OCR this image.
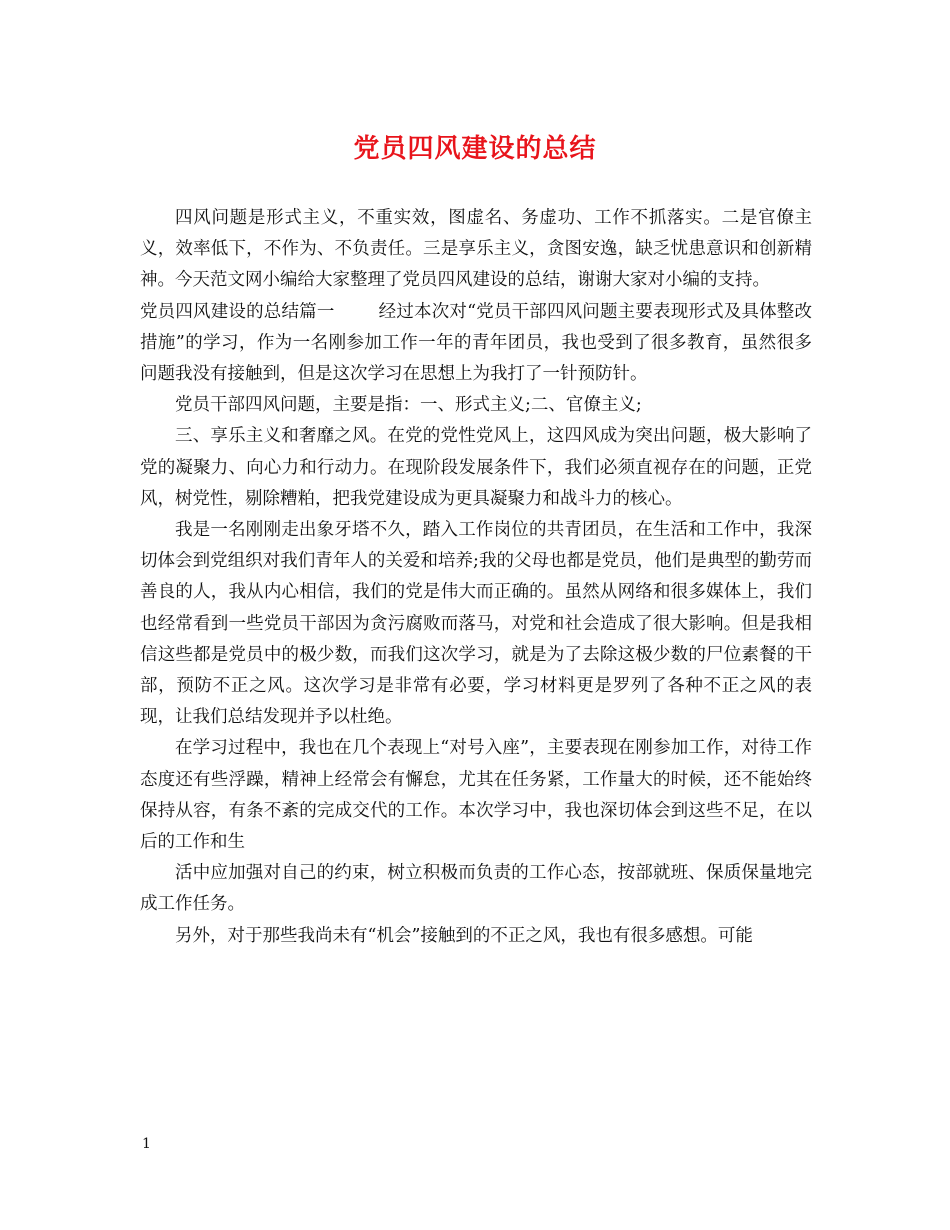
党员四风建设的总结

四风问题是形式主义，不重实效，图虚名、务虚功、工作不抓落实。二是官僚主义，效率低下，不作为、不负责任。三是享乐主义，贪图安逸，缺乏忧患意识和创新精神。今天范文网小编给大家整理了党员四风建设的总结，谢谢大家对小编的支持。

党员四风建设的总结篇一	经过本次对“党员干部四风问题主要表现形式及具体整改措施”的学习，作为一名刚参加工作一年的青年团员，我也受到了很多教育，虽然很多问题我没有接触到，但是这次学习在思想上为我打了一针预防针。

党员干部四风问题，主要是指：一、形式主义;二、官僚主义;

三、享乐主义和奢靡之风。在党的党性党风上，这四风成为突出问题，极大影响了党的凝聚力、向心力和行动力。在现阶段发展条件下，我们必须直视存在的问题，正党风，树党性，剔除糟粕，把我党建设成为更具凝聚力和战斗力的核心。

我是一名刚刚走出象牙塔不久，踏入工作岗位的共青团员，在生活和工作中，我深切体会到党组织对我们青年人的关爱和培养;我的父母也都是党员，他们是典型的勤劳而善良的人，我从内心相信，我们的党是伟大而正确的。虽然从网络和很多媒体上，我们也经常看到一些党员干部因为贪污腐败而落马，对党和社会造成了很大影响。但是我相信这些都是党员中的极少数，而我们这次学习，就是为了去除这极少数的尸位素餐的干部，预防不正之风。这次学习是非常有必要，学习材料更是罗列了各种不正之风的表现，让我们总结发现并予以杜绝。

在学习过程中，我也在几个表现上“对号入座”，主要表现在刚参加工作，对待工作态度还有些浮躁，精神上经常会有懈怠，尤其在任务紧，工作量大的时候，还不能始终保持从容，有条不紊的完成交代的工作。本次学习中，我也深切体会到这些不足，在以后的工作和生

活中应加强对自己的约束，树立积极而负责的工作心态，按部就班、保质保量地完成工作任务。

另外，对于那些我尚未有“机会”接触到的不正之风，我也有很多感想。可能

1
